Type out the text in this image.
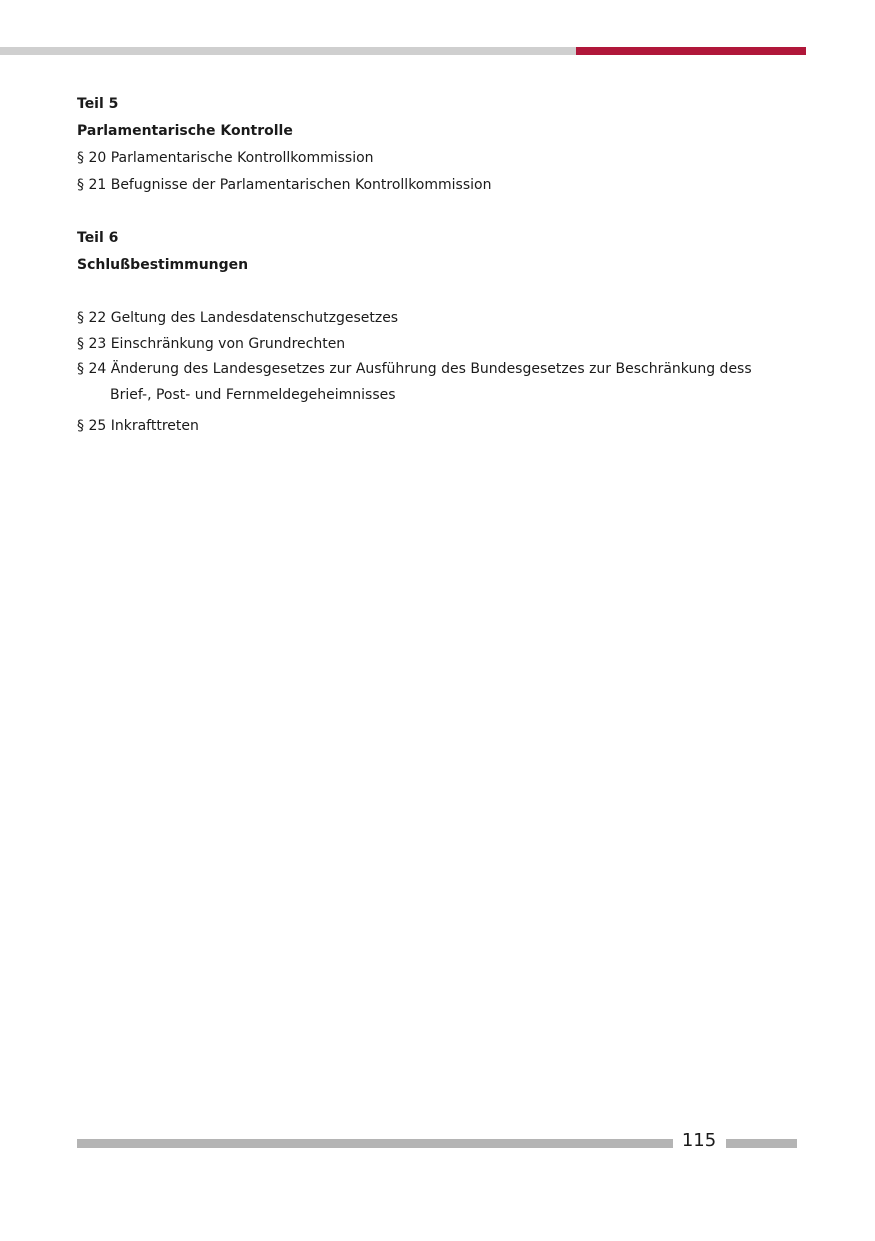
Teil 5

Parlamentarische Kontrolle

§ 20 Parlamentarische Kontrollkommission

§ 21 Befugnisse der Parlamentarischen Kontrollkommission

Teil 6

Schlußbestimmungen

§ 22 Geltung des Landesdatenschutzgesetzes

§ 23 Einschränkung von Grundrechten

§ 24 Änderung des Landesgesetzes zur Ausführung des Bundesgesetzes zur Beschränkung dess Brief-, Post- und Fernmeldegeheimnisses

§ 25 Inkrafttreten

115
